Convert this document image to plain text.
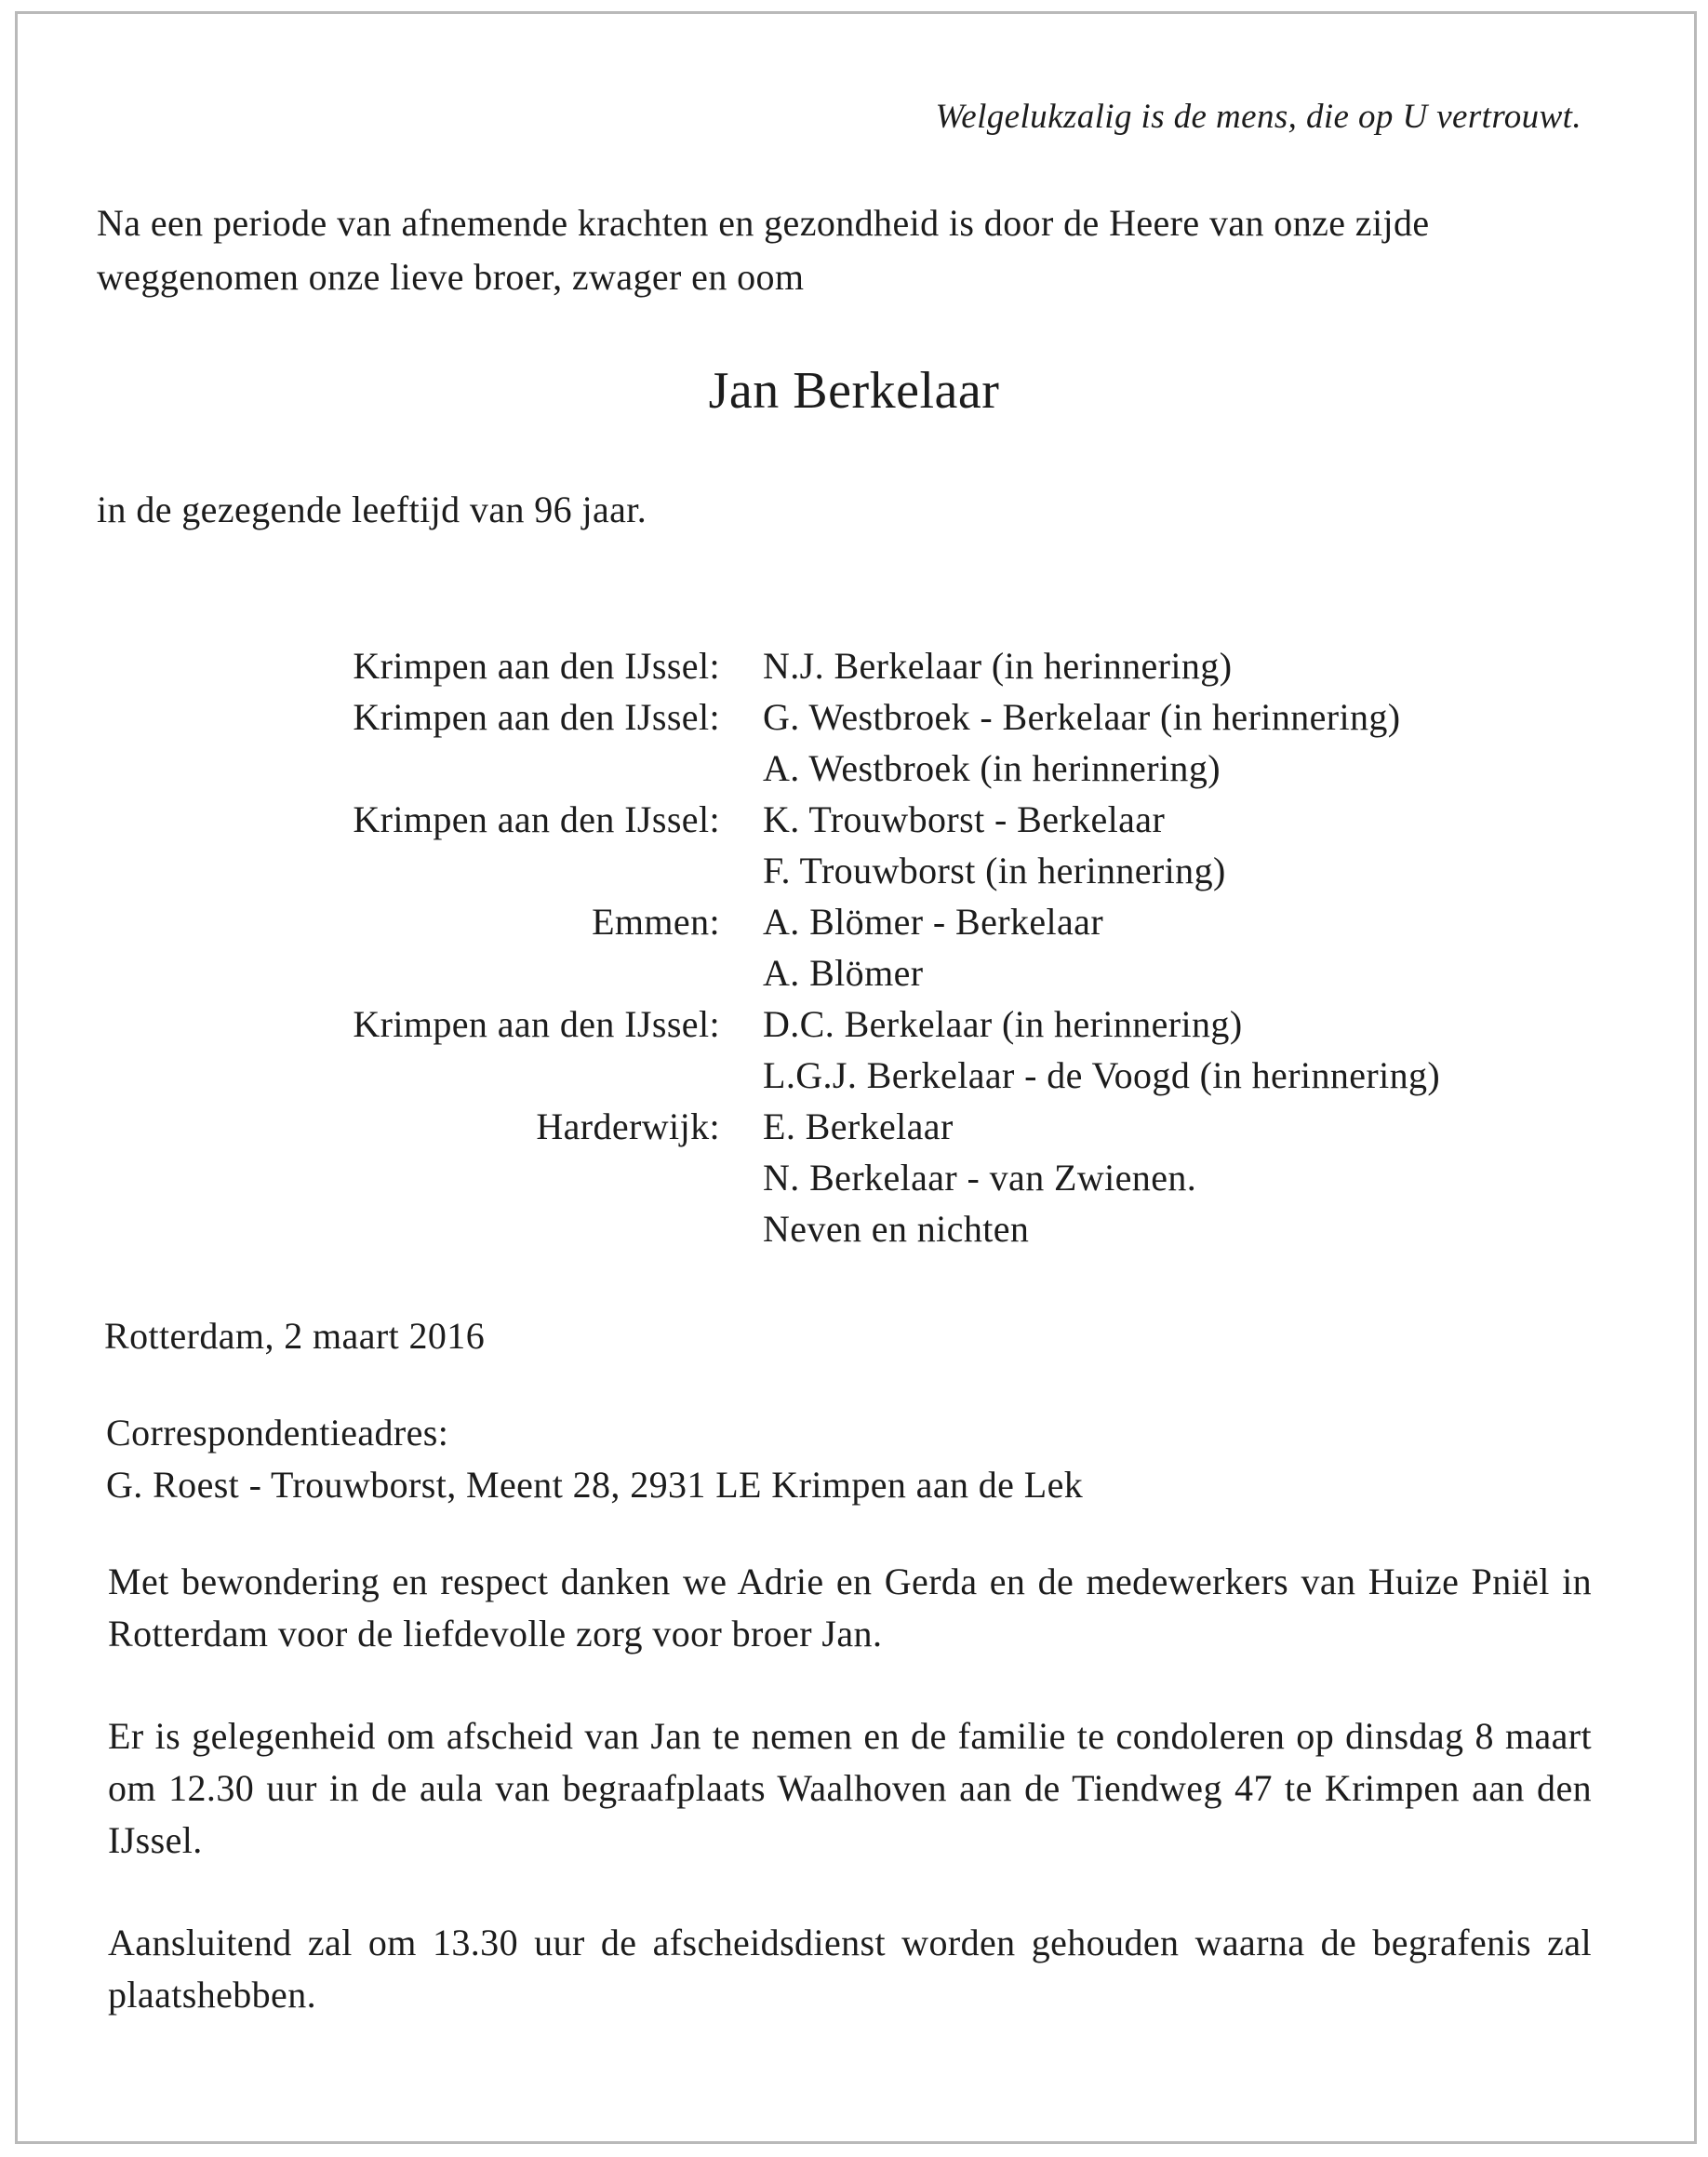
Welgelukzalig is de mens, die op U vertrouwt.
Na een periode van afnemende krachten en gezondheid is door de Heere van onze zijde
weggenomen onze lieve broer, zwager en oom
Jan Berkelaar
in de gezegende leeftijd van 96 jaar.
Krimpen aan den IJssel: N.J. Berkelaar (in herinnering)
Krimpen aan den IJssel: G. Westbroek - Berkelaar (in herinnering)
A. Westbroek (in herinnering)
Krimpen aan den IJssel: K. Trouwborst - Berkelaar
F. Trouwborst (in herinnering)
Emmen: A. Blömer - Berkelaar
A. Blömer
Krimpen aan den IJssel: D.C. Berkelaar (in herinnering)
L.G.J. Berkelaar - de Voogd (in herinnering)
Harderwijk: E. Berkelaar
N. Berkelaar - van Zwienen.
Neven en nichten
Rotterdam, 2 maart 2016
Correspondentieadres:
G. Roest - Trouwborst, Meent 28, 2931 LE Krimpen aan de Lek
Met bewondering en respect danken we Adrie en Gerda en de medewerkers van Huize Pniël in Rotterdam voor de liefdevolle zorg voor broer Jan.
Er is gelegenheid om afscheid van Jan te nemen en de familie te condoleren op dinsdag 8 maart om 12.30 uur in de aula van begraafplaats Waalhoven aan de Tiendweg 47 te Krimpen aan den IJssel.
Aansluitend zal om 13.30 uur de afscheidsdienst worden gehouden waarna de begrafenis zal plaatshebben.
